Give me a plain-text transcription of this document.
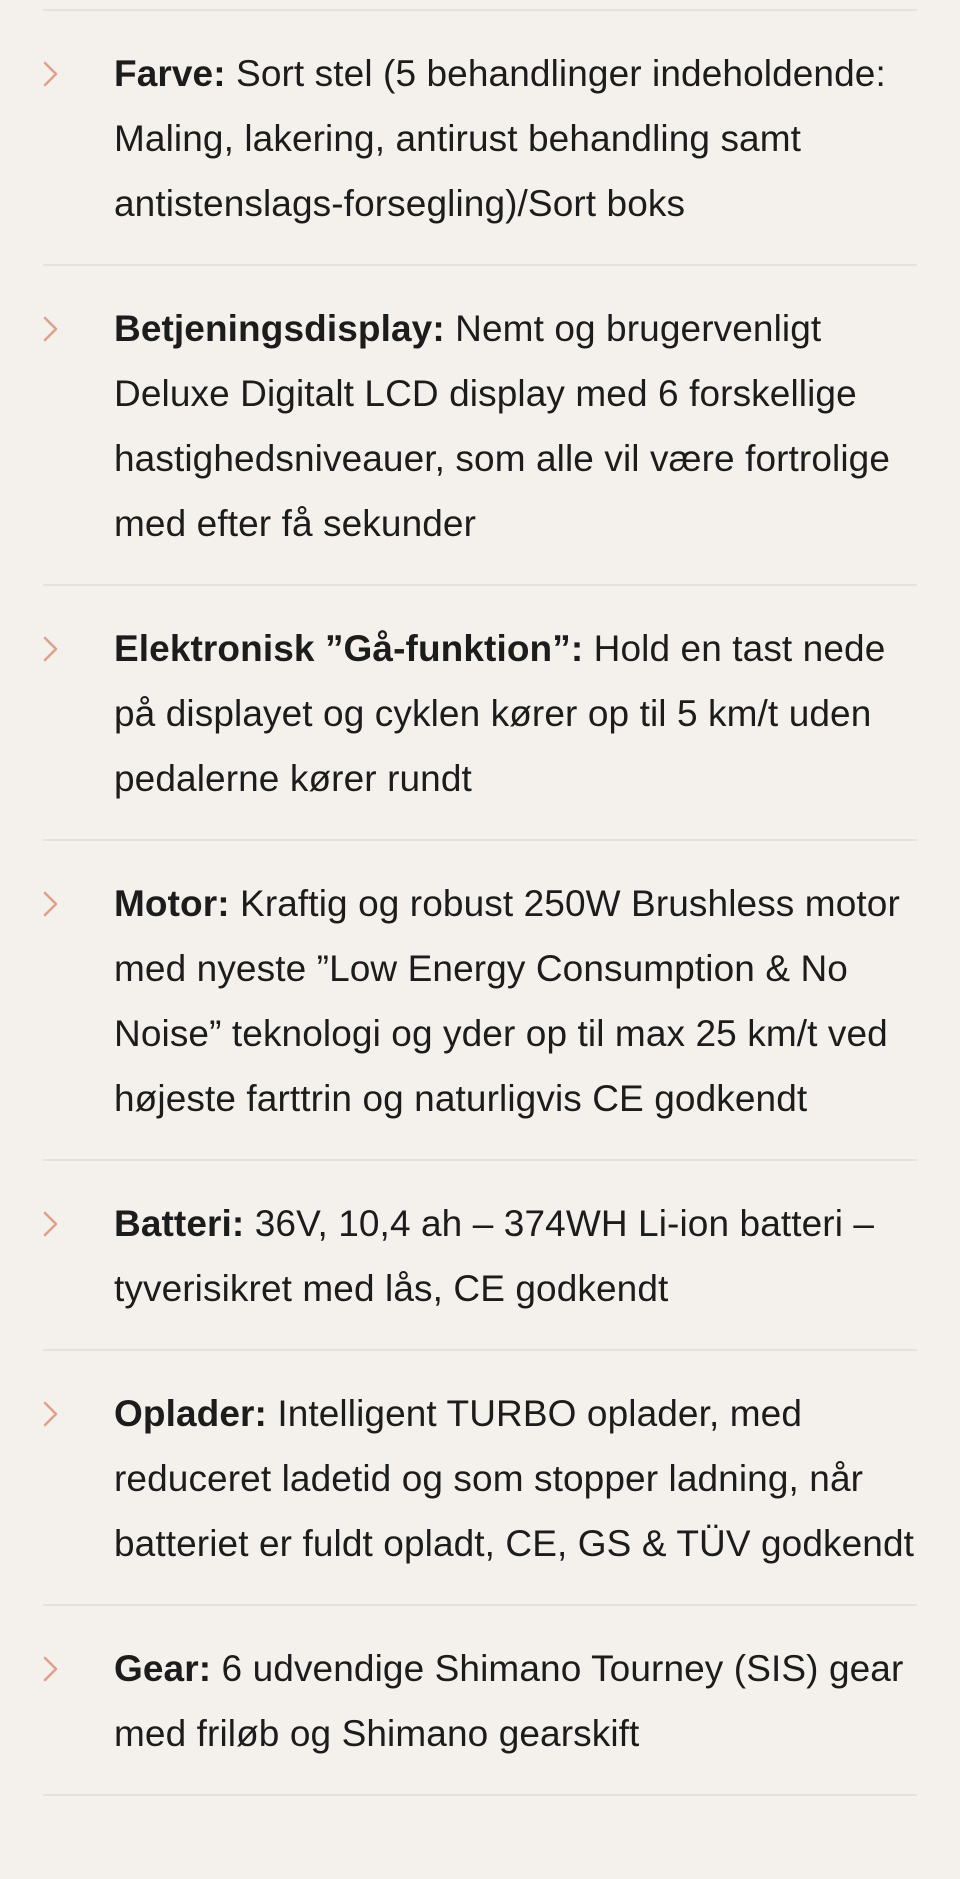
Farve: Sort stel (5 behandlinger indeholdende: Maling, lakering, antirust behandling samt antistenslags-forsegling)/Sort boks
Betjeningsdisplay: Nemt og brugervenligt Deluxe Digitalt LCD display med 6 forskellige hastighedsniveauer, som alle vil være fortrolige med efter få sekunder
Elektronisk ”Gå-funktion”: Hold en tast nede på displayet og cyklen kører op til 5 km/t uden pedalerne kører rundt
Motor: Kraftig og robust 250W Brushless motor med nyeste ”Low Energy Consumption & No Noise” teknologi og yder op til max 25 km/t ved højeste farttrin og naturligvis CE godkendt
Batteri: 36V, 10,4 ah – 374WH Li-ion batteri – tyverisikret med lås, CE godkendt
Oplader: Intelligent TURBO oplader, med reduceret ladetid og som stopper ladning, når batteriet er fuldt opladt, CE, GS & TÜV godkendt
Gear: 6 udvendige Shimano Tourney (SIS) gear med friløb og Shimano gearskift
